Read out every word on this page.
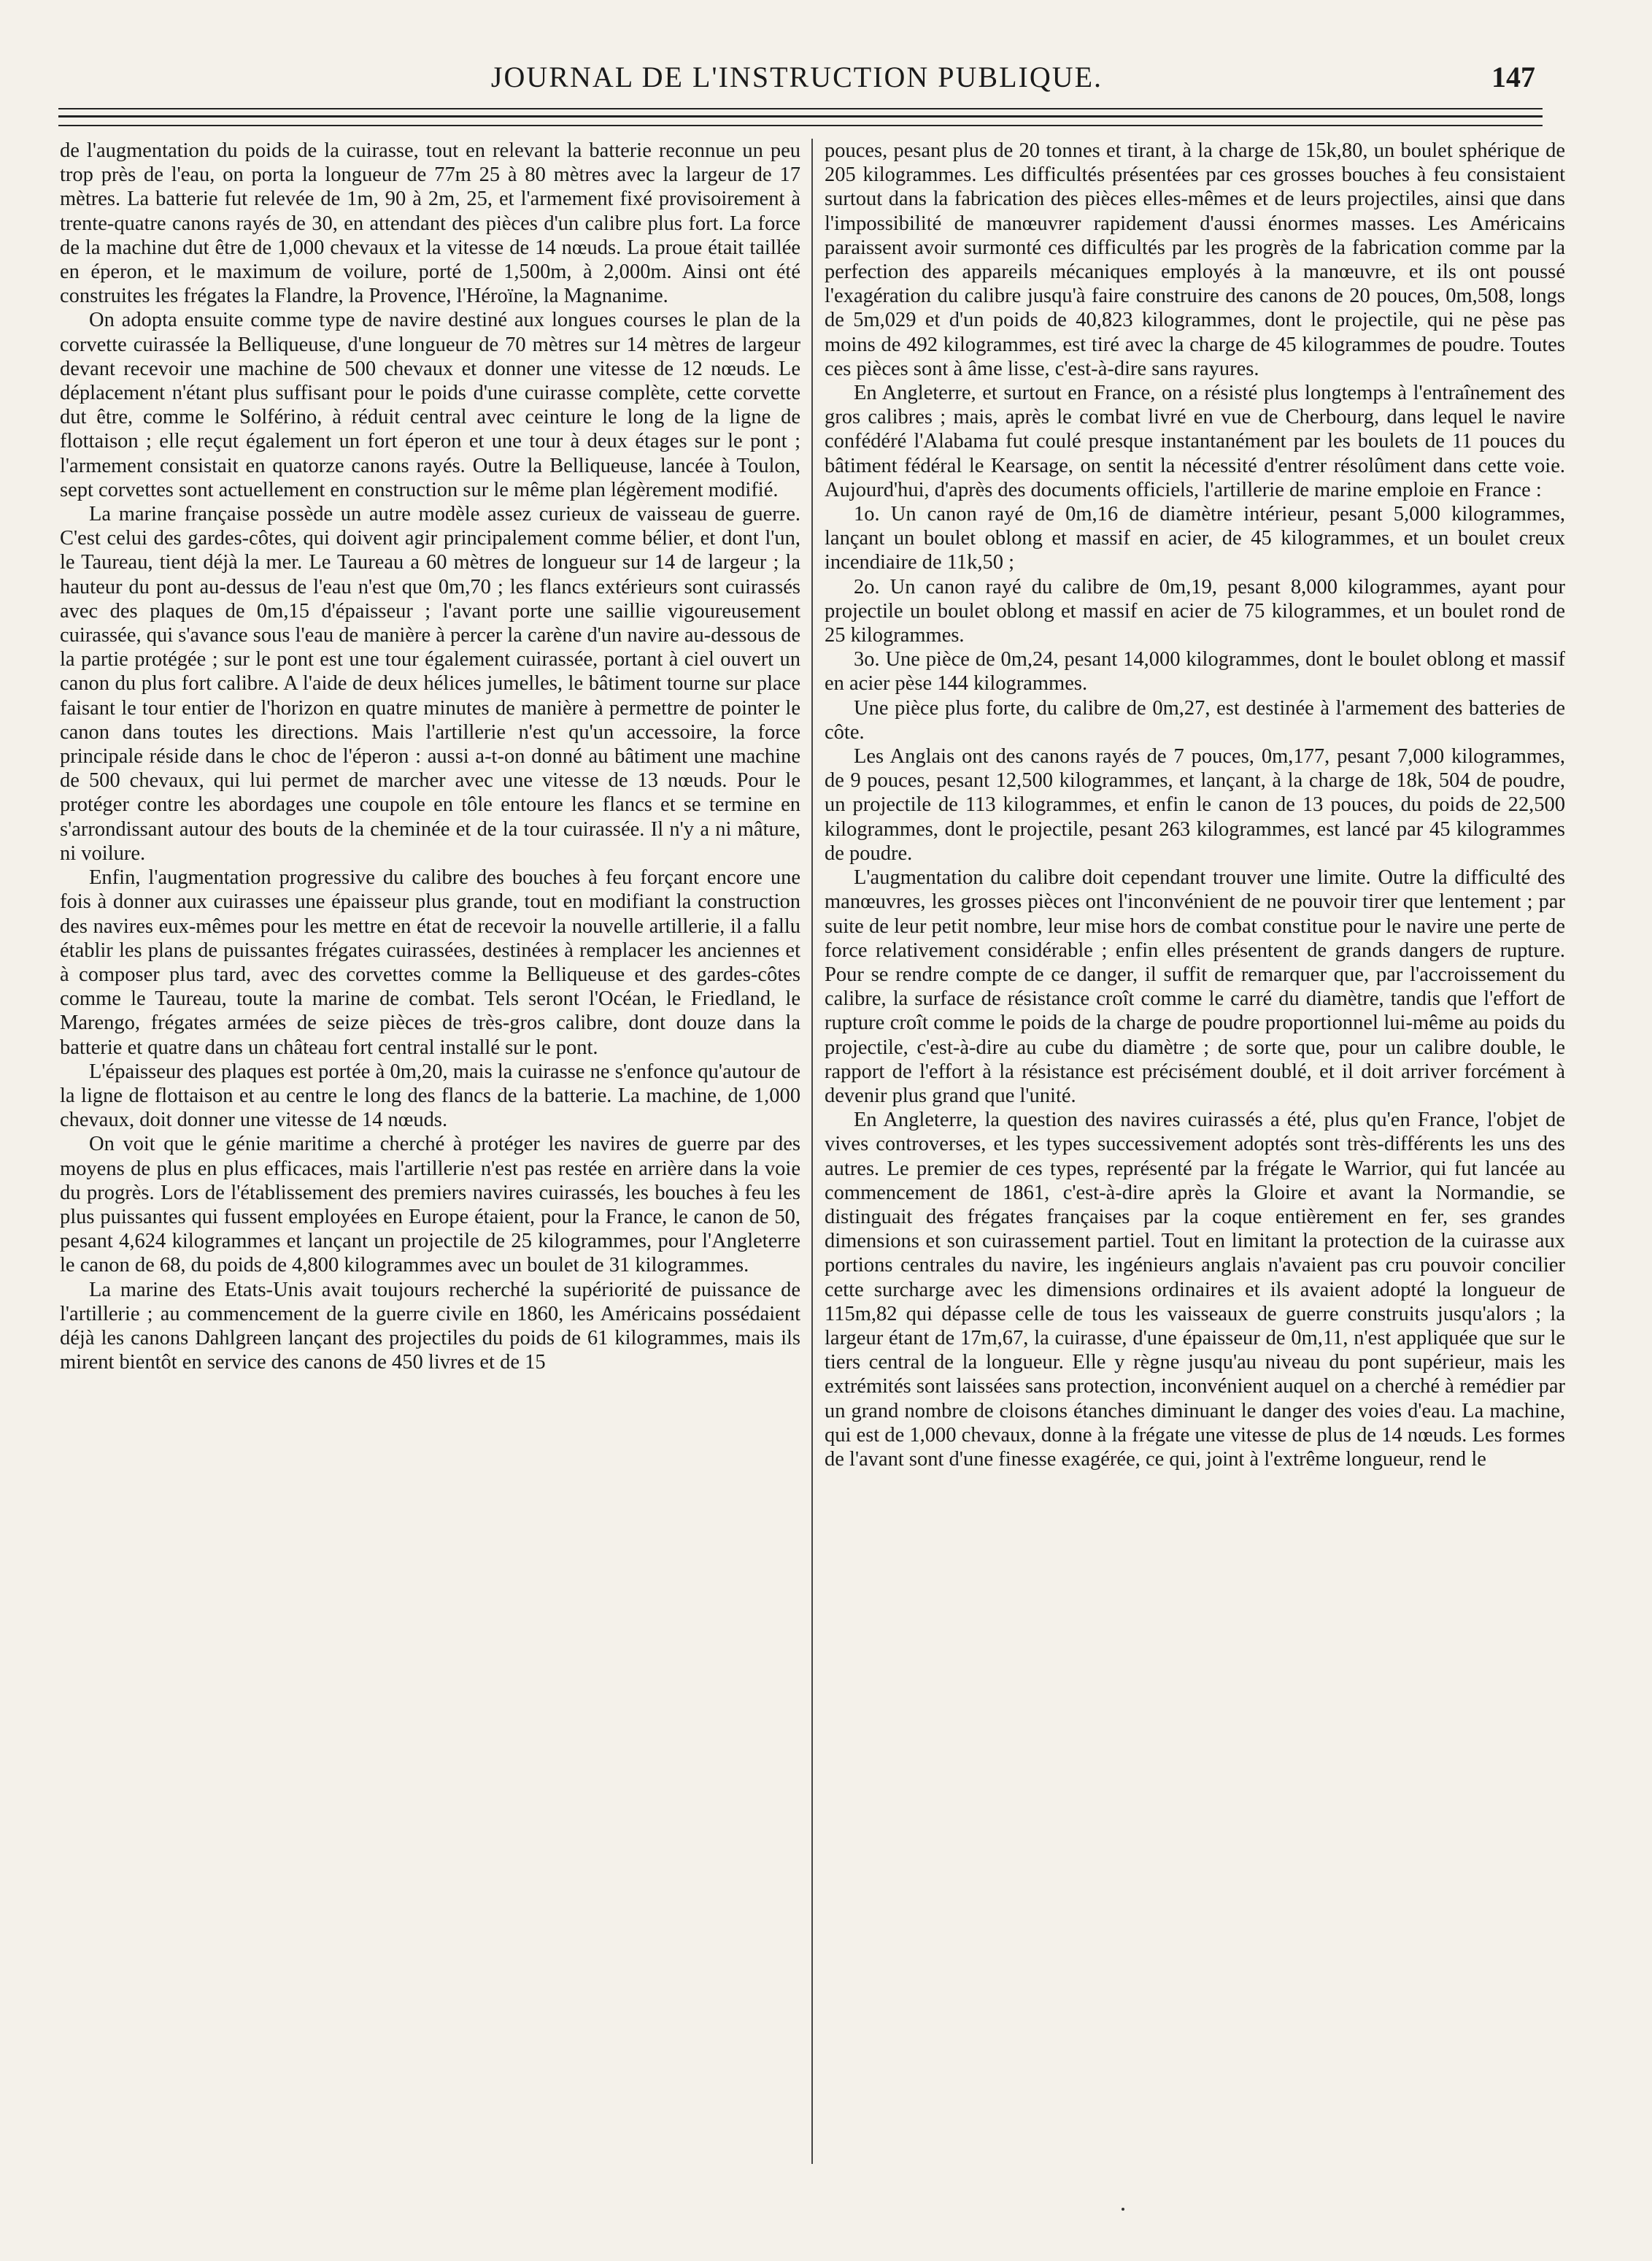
JOURNAL DE L'INSTRUCTION PUBLIQUE.	147

de l'augmentation du poids de la cuirasse, tout en relevant la batterie reconnue un peu trop près de l'eau, on porta la longueur de 77m 25 à 80 mètres avec la largeur de 17 mètres. La batterie fut relevée de 1m, 90 à 2m, 25, et l'armement fixé provisoirement à trente-quatre canons rayés de 30, en attendant des pièces d'un calibre plus fort. La force de la machine dut être de 1,000 chevaux et la vitesse de 14 nœuds. La proue était taillée en éperon, et le maximum de voilure, porté de 1,500m, à 2,000m. Ainsi ont été construites les frégates la Flandre, la Provence, l'Héroïne, la Magnanime.

On adopta ensuite comme type de navire destiné aux longues courses le plan de la corvette cuirassée la Belliqueuse, d'une longueur de 70 mètres sur 14 mètres de largeur devant recevoir une machine de 500 chevaux et donner une vitesse de 12 nœuds. Le déplacement n'étant plus suffisant pour le poids d'une cuirasse complète, cette corvette dut être, comme le Solférino, à réduit central avec ceinture le long de la ligne de flottaison ; elle reçut également un fort éperon et une tour à deux étages sur le pont ; l'armement consistait en quatorze canons rayés. Outre la Belliqueuse, lancée à Toulon, sept corvettes sont actuellement en construction sur le même plan légèrement modifié.

La marine française possède un autre modèle assez curieux de vaisseau de guerre. C'est celui des gardes-côtes, qui doivent agir principalement comme bélier, et dont l'un, le Taureau, tient déjà la mer. Le Taureau a 60 mètres de longueur sur 14 de largeur ; la hauteur du pont au-dessus de l'eau n'est que 0m,70 ; les flancs extérieurs sont cuirassés avec des plaques de 0m,15 d'épaisseur ; l'avant porte une saillie vigoureusement cuirassée, qui s'avance sous l'eau de manière à percer la carène d'un navire au-dessous de la partie protégée ; sur le pont est une tour également cuirassée, portant à ciel ouvert un canon du plus fort calibre. A l'aide de deux hélices jumelles, le bâtiment tourne sur place faisant le tour entier de l'horizon en quatre minutes de manière à permettre de pointer le canon dans toutes les directions. Mais l'artillerie n'est qu'un accessoire, la force principale réside dans le choc de l'éperon : aussi a-t-on donné au bâtiment une machine de 500 chevaux, qui lui permet de marcher avec une vitesse de 13 nœuds. Pour le protéger contre les abordages une coupole en tôle entoure les flancs et se termine en s'arrondissant autour des bouts de la cheminée et de la tour cuirassée. Il n'y a ni mâture, ni voilure.

Enfin, l'augmentation progressive du calibre des bouches à feu forçant encore une fois à donner aux cuirasses une épaisseur plus grande, tout en modifiant la construction des navires eux-mêmes pour les mettre en état de recevoir la nouvelle artillerie, il a fallu établir les plans de puissantes frégates cuirassées, destinées à remplacer les anciennes et à composer plus tard, avec des corvettes comme la Belliqueuse et des gardes-côtes comme le Taureau, toute la marine de combat. Tels seront l'Océan, le Friedland, le Marengo, frégates armées de seize pièces de très-gros calibre, dont douze dans la batterie et quatre dans un château fort central installé sur le pont.

L'épaisseur des plaques est portée à 0m,20, mais la cuirasse ne s'enfonce qu'autour de la ligne de flottaison et au centre le long des flancs de la batterie. La machine, de 1,000 chevaux, doit donner une vitesse de 14 nœuds.

On voit que le génie maritime a cherché à protéger les navires de guerre par des moyens de plus en plus efficaces, mais l'artillerie n'est pas restée en arrière dans la voie du progrès. Lors de l'établissement des premiers navires cuirassés, les bouches à feu les plus puissantes qui fussent employées en Europe étaient, pour la France, le canon de 50, pesant 4,624 kilogrammes et lançant un projectile de 25 kilogrammes, pour l'Angleterre le canon de 68, du poids de 4,800 kilogrammes avec un boulet de 31 kilogrammes.

La marine des Etats-Unis avait toujours recherché la supériorité de puissance de l'artillerie ; au commencement de la guerre civile en 1860, les Américains possédaient déjà les canons Dahlgreen lançant des projectiles du poids de 61 kilogrammes, mais ils mirent bientôt en service des canons de 450 livres et de 15

pouces, pesant plus de 20 tonnes et tirant, à la charge de 15k,80, un boulet sphérique de 205 kilogrammes. Les difficultés présentées par ces grosses bouches à feu consistaient surtout dans la fabrication des pièces elles-mêmes et de leurs projectiles, ainsi que dans l'impossibilité de manœuvrer rapidement d'aussi énormes masses. Les Américains paraissent avoir surmonté ces difficultés par les progrès de la fabrication comme par la perfection des appareils mécaniques employés à la manœuvre, et ils ont poussé l'exagération du calibre jusqu'à faire construire des canons de 20 pouces, 0m,508, longs de 5m,029 et d'un poids de 40,823 kilogrammes, dont le projectile, qui ne pèse pas moins de 492 kilogrammes, est tiré avec la charge de 45 kilogrammes de poudre. Toutes ces pièces sont à âme lisse, c'est-à-dire sans rayures.

En Angleterre, et surtout en France, on a résisté plus longtemps à l'entraînement des gros calibres ; mais, après le combat livré en vue de Cherbourg, dans lequel le navire confédéré l'Alabama fut coulé presque instantanément par les boulets de 11 pouces du bâtiment fédéral le Kearsage, on sentit la nécessité d'entrer résolûment dans cette voie. Aujourd'hui, d'après des documents officiels, l'artillerie de marine emploie en France :

1o. Un canon rayé de 0m,16 de diamètre intérieur, pesant 5,000 kilogrammes, lançant un boulet oblong et massif en acier, de 45 kilogrammes, et un boulet creux incendiaire de 11k,50 ;

2o. Un canon rayé du calibre de 0m,19, pesant 8,000 kilogrammes, ayant pour projectile un boulet oblong et massif en acier de 75 kilogrammes, et un boulet rond de 25 kilogrammes.

3o. Une pièce de 0m,24, pesant 14,000 kilogrammes, dont le boulet oblong et massif en acier pèse 144 kilogrammes.

Une pièce plus forte, du calibre de 0m,27, est destinée à l'armement des batteries de côte.

Les Anglais ont des canons rayés de 7 pouces, 0m,177, pesant 7,000 kilogrammes, de 9 pouces, pesant 12,500 kilogrammes, et lançant, à la charge de 18k, 504 de poudre, un projectile de 113 kilogrammes, et enfin le canon de 13 pouces, du poids de 22,500 kilogrammes, dont le projectile, pesant 263 kilogrammes, est lancé par 45 kilogrammes de poudre.

L'augmentation du calibre doit cependant trouver une limite. Outre la difficulté des manœuvres, les grosses pièces ont l'inconvénient de ne pouvoir tirer que lentement ; par suite de leur petit nombre, leur mise hors de combat constitue pour le navire une perte de force relativement considérable ; enfin elles présentent de grands dangers de rupture. Pour se rendre compte de ce danger, il suffit de remarquer que, par l'accroissement du calibre, la surface de résistance croît comme le carré du diamètre, tandis que l'effort de rupture croît comme le poids de la charge de poudre proportionnel lui-même au poids du projectile, c'est-à-dire au cube du diamètre ; de sorte que, pour un calibre double, le rapport de l'effort à la résistance est précisément doublé, et il doit arriver forcément à devenir plus grand que l'unité.

En Angleterre, la question des navires cuirassés a été, plus qu'en France, l'objet de vives controverses, et les types successivement adoptés sont très-différents les uns des autres. Le premier de ces types, représenté par la frégate le Warrior, qui fut lancée au commencement de 1861, c'est-à-dire après la Gloire et avant la Normandie, se distinguait des frégates françaises par la coque entièrement en fer, ses grandes dimensions et son cuirassement partiel. Tout en limitant la protection de la cuirasse aux portions centrales du navire, les ingénieurs anglais n'avaient pas cru pouvoir concilier cette surcharge avec les dimensions ordinaires et ils avaient adopté la longueur de 115m,82 qui dépasse celle de tous les vaisseaux de guerre construits jusqu'alors ; la largeur étant de 17m,67, la cuirasse, d'une épaisseur de 0m,11, n'est appliquée que sur le tiers central de la longueur. Elle y règne jusqu'au niveau du pont supérieur, mais les extrémités sont laissées sans protection, inconvénient auquel on a cherché à remédier par un grand nombre de cloisons étanches diminuant le danger des voies d'eau. La machine, qui est de 1,000 chevaux, donne à la frégate une vitesse de plus de 14 nœuds. Les formes de l'avant sont d'une finesse exagérée, ce qui, joint à l'extrême longueur, rend le
